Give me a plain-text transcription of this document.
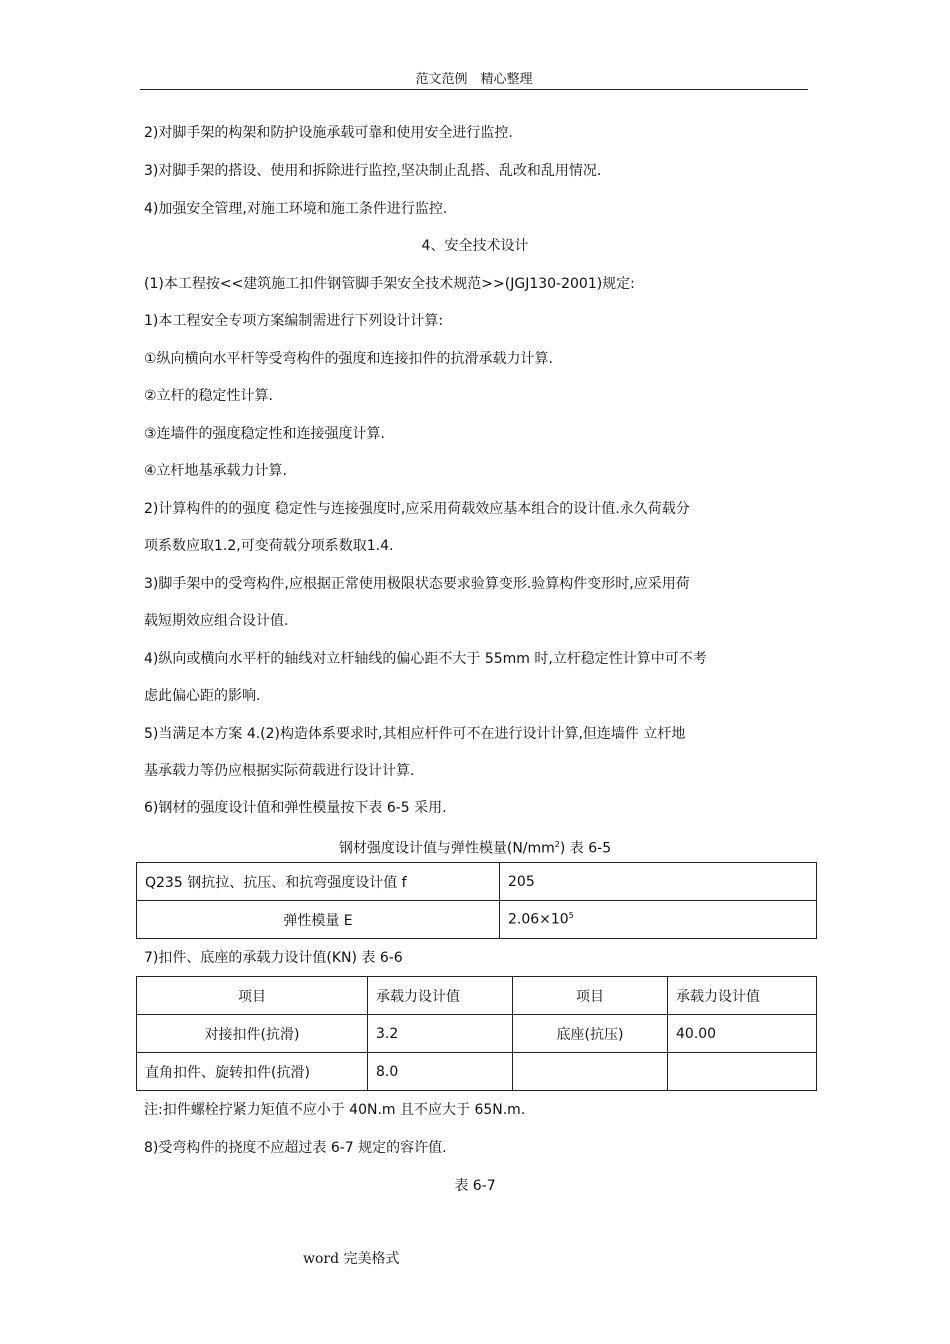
范文范例　精心整理
2)对脚手架的构架和防护设施承载可靠和使用安全进行监控.
3)对脚手架的搭设、使用和拆除进行监控,坚决制止乱搭、乱改和乱用情况.
4)加强安全管理,对施工环境和施工条件进行监控.
4、安全技术设计
(1)本工程按<<建筑施工扣件钢管脚手架安全技术规范>>(JGJ130-2001)规定:
1)本工程安全专项方案编制需进行下列设计计算:
①纵向横向水平杆等受弯构件的强度和连接扣件的抗滑承载力计算.
②立杆的稳定性计算.
③连墙件的强度稳定性和连接强度计算.
④立杆地基承载力计算.
2)计算构件的的强度 稳定性与连接强度时,应采用荷载效应基本组合的设计值.永久荷载分
项系数应取1.2,可变荷载分项系数取1.4.
3)脚手架中的受弯构件,应根据正常使用极限状态要求验算变形.验算构件变形时,应采用荷
载短期效应组合设计值.
4)纵向或横向水平杆的轴线对立杆轴线的偏心距不大于 55mm 时,立杆稳定性计算中可不考
虑此偏心距的影响.
5)当满足本方案 4.(2)构造体系要求时,其相应杆件可不在进行设计计算,但连墙件 立杆地
基承载力等仍应根据实际荷载进行设计计算.
6)钢材的强度设计值和弹性模量按下表 6-5 采用.
钢材强度设计值与弹性模量$(N/mm^2)$ 表 6-5
Q235 钢抗拉、抗压、和抗弯强度设计值 f	205
弹性模量 E	$2.06\times 10^5$
7)扣件、底座的承载力设计值(KN) 表 6-6
项目	承载力设计值	项目	承载力设计值
对接扣件(抗滑)	3.2	底座(抗压)	40.00
直角扣件、旋转扣件(抗滑)	8.0		
注:扣件螺栓拧紧力矩值不应小于 40N.m 且不应大于 65N.m.
8)受弯构件的挠度不应超过表 6-7 规定的容许值.
表 6-7
word 完美格式
